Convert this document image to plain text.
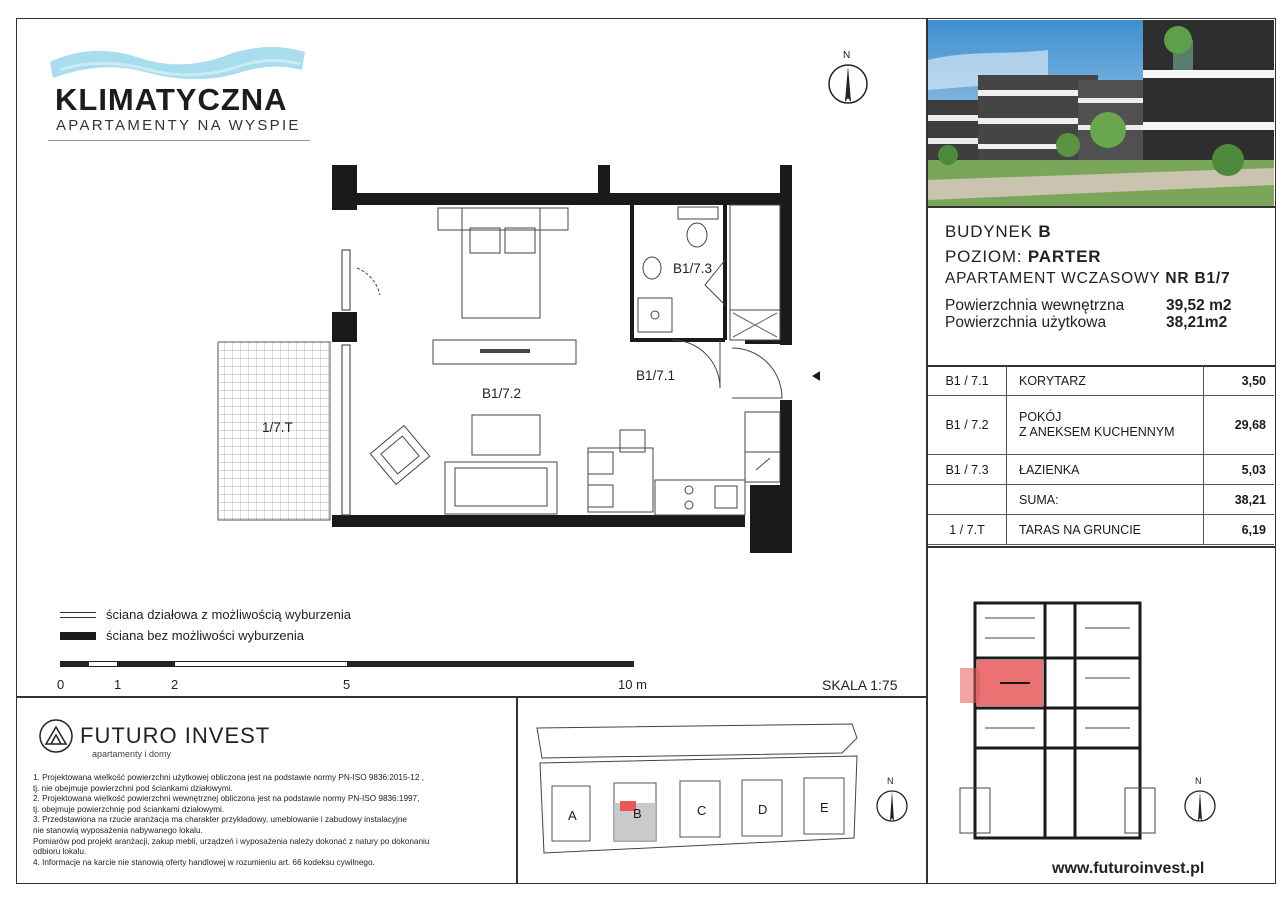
KLIMATYCZNA
APARTAMENTY NA WYSPIE
N
BUDYNEK B
POZIOM: PARTER
APARTAMENT WCZASOWY NR B1/7
Powierzchnia wewnętrzna	39,52 m2
Powierzchnia użytkowa	38,21m2
B1 / 7.1	KORYTARZ	3,50
B1 / 7.2	POKÓJ
Z ANEKSEM KUCHENNYM	29,68
B1 / 7.3	ŁAZIENKA	5,03
	SUMA:	38,21
1 / 7.T	TARAS NA GRUNCIE	6,19
B1/7.3
B1/7.1
B1/7.2
1/7.T
ściana działowa z możliwością wyburzenia
ściana bez możliwości wyburzenia
0	1	2	5	10 m	SKALA 1:75
FUTURO INVEST
apartamenty i domy
1. Projektowana wielkość powierzchni użytkowej obliczona jest na podstawie normy PN-ISO 9836:2015-12 ,
tj. nie obejmuje powierzchni pod ściankami działowymi.
2. Projektowana wielkość powierzchni wewnętrznej obliczona jest na podstawie normy PN-ISO 9836:1997,
tj. obejmuje powierzchnię pod ściankami działowymi.
3. Przedstawiona na rzucie aranżacja ma charakter przykładowy, umeblowanie i zabudowy instalacyjne
nie stanowią wyposażenia nabywanego lokalu.
Pomiarów pod projekt aranżacji, zakup mebli, urządzeń i wyposażenia należy dokonać z natury po dokonaniu
odbioru lokalu.
4. Informacje na karcie nie stanowią oferty handlowej w rozumieniu art. 66 kodeksu cywilnego.
A	B	C	D	E
N	N
www.futuroinvest.pl
